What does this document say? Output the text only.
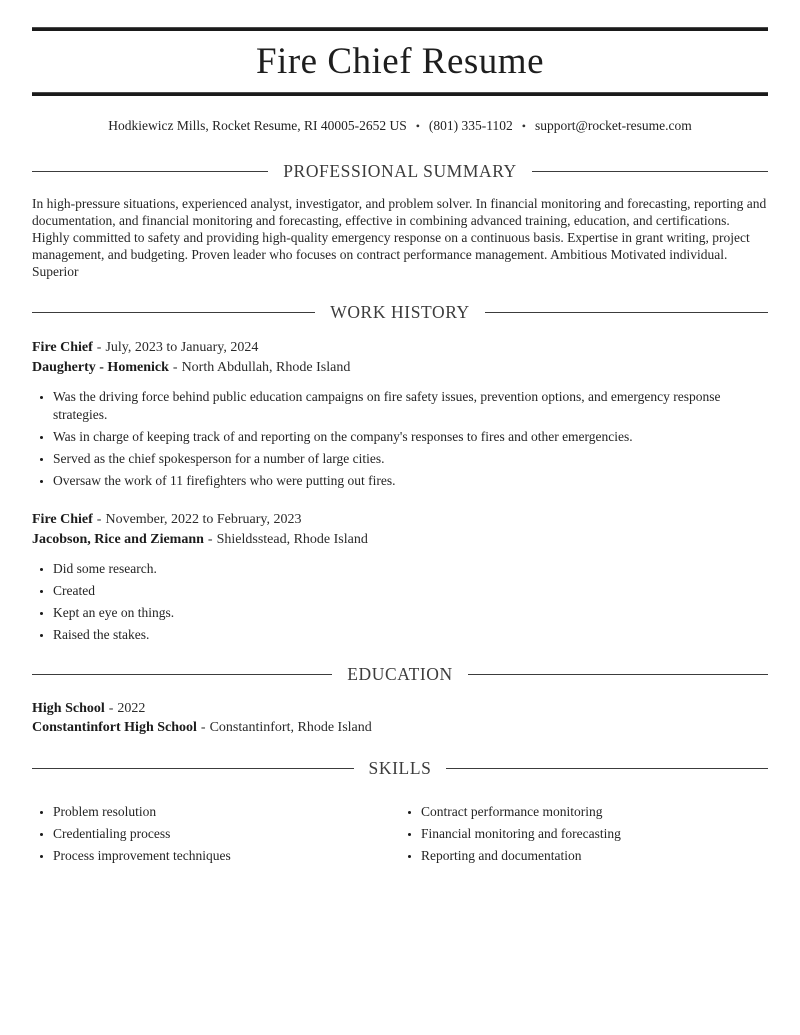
Fire Chief Resume
Hodkiewicz Mills, Rocket Resume, RI 40005-2652 US • (801) 335-1102 • support@rocket-resume.com
PROFESSIONAL SUMMARY

In high-pressure situations, experienced analyst, investigator, and problem solver. In financial monitoring and forecasting, reporting and documentation, and financial monitoring and forecasting, effective in combining advanced training, education, and certifications. Highly committed to safety and providing high-quality emergency response on a continuous basis. Expertise in grant writing, project management, and budgeting. Proven leader who focuses on contract performance management. Ambitious Motivated individual. Superior

WORK HISTORY
Fire Chief - July, 2023 to January, 2024
Daugherty - Homenick - North Abdullah, Rhode Island
• Was the driving force behind public education campaigns on fire safety issues, prevention options, and emergency response strategies.
• Was in charge of keeping track of and reporting on the company's responses to fires and other emergencies.
• Served as the chief spokesperson for a number of large cities.
• Oversaw the work of 11 firefighters who were putting out fires.
Fire Chief - November, 2022 to February, 2023
Jacobson, Rice and Ziemann - Shieldsstead, Rhode Island
• Did some research.
• Created
• Kept an eye on things.
• Raised the stakes.
EDUCATION
High School - 2022
Constantinfort High School - Constantinfort, Rhode Island
SKILLS
• Problem resolution
• Credentialing process
• Process improvement techniques
• Contract performance monitoring
• Financial monitoring and forecasting
• Reporting and documentation
